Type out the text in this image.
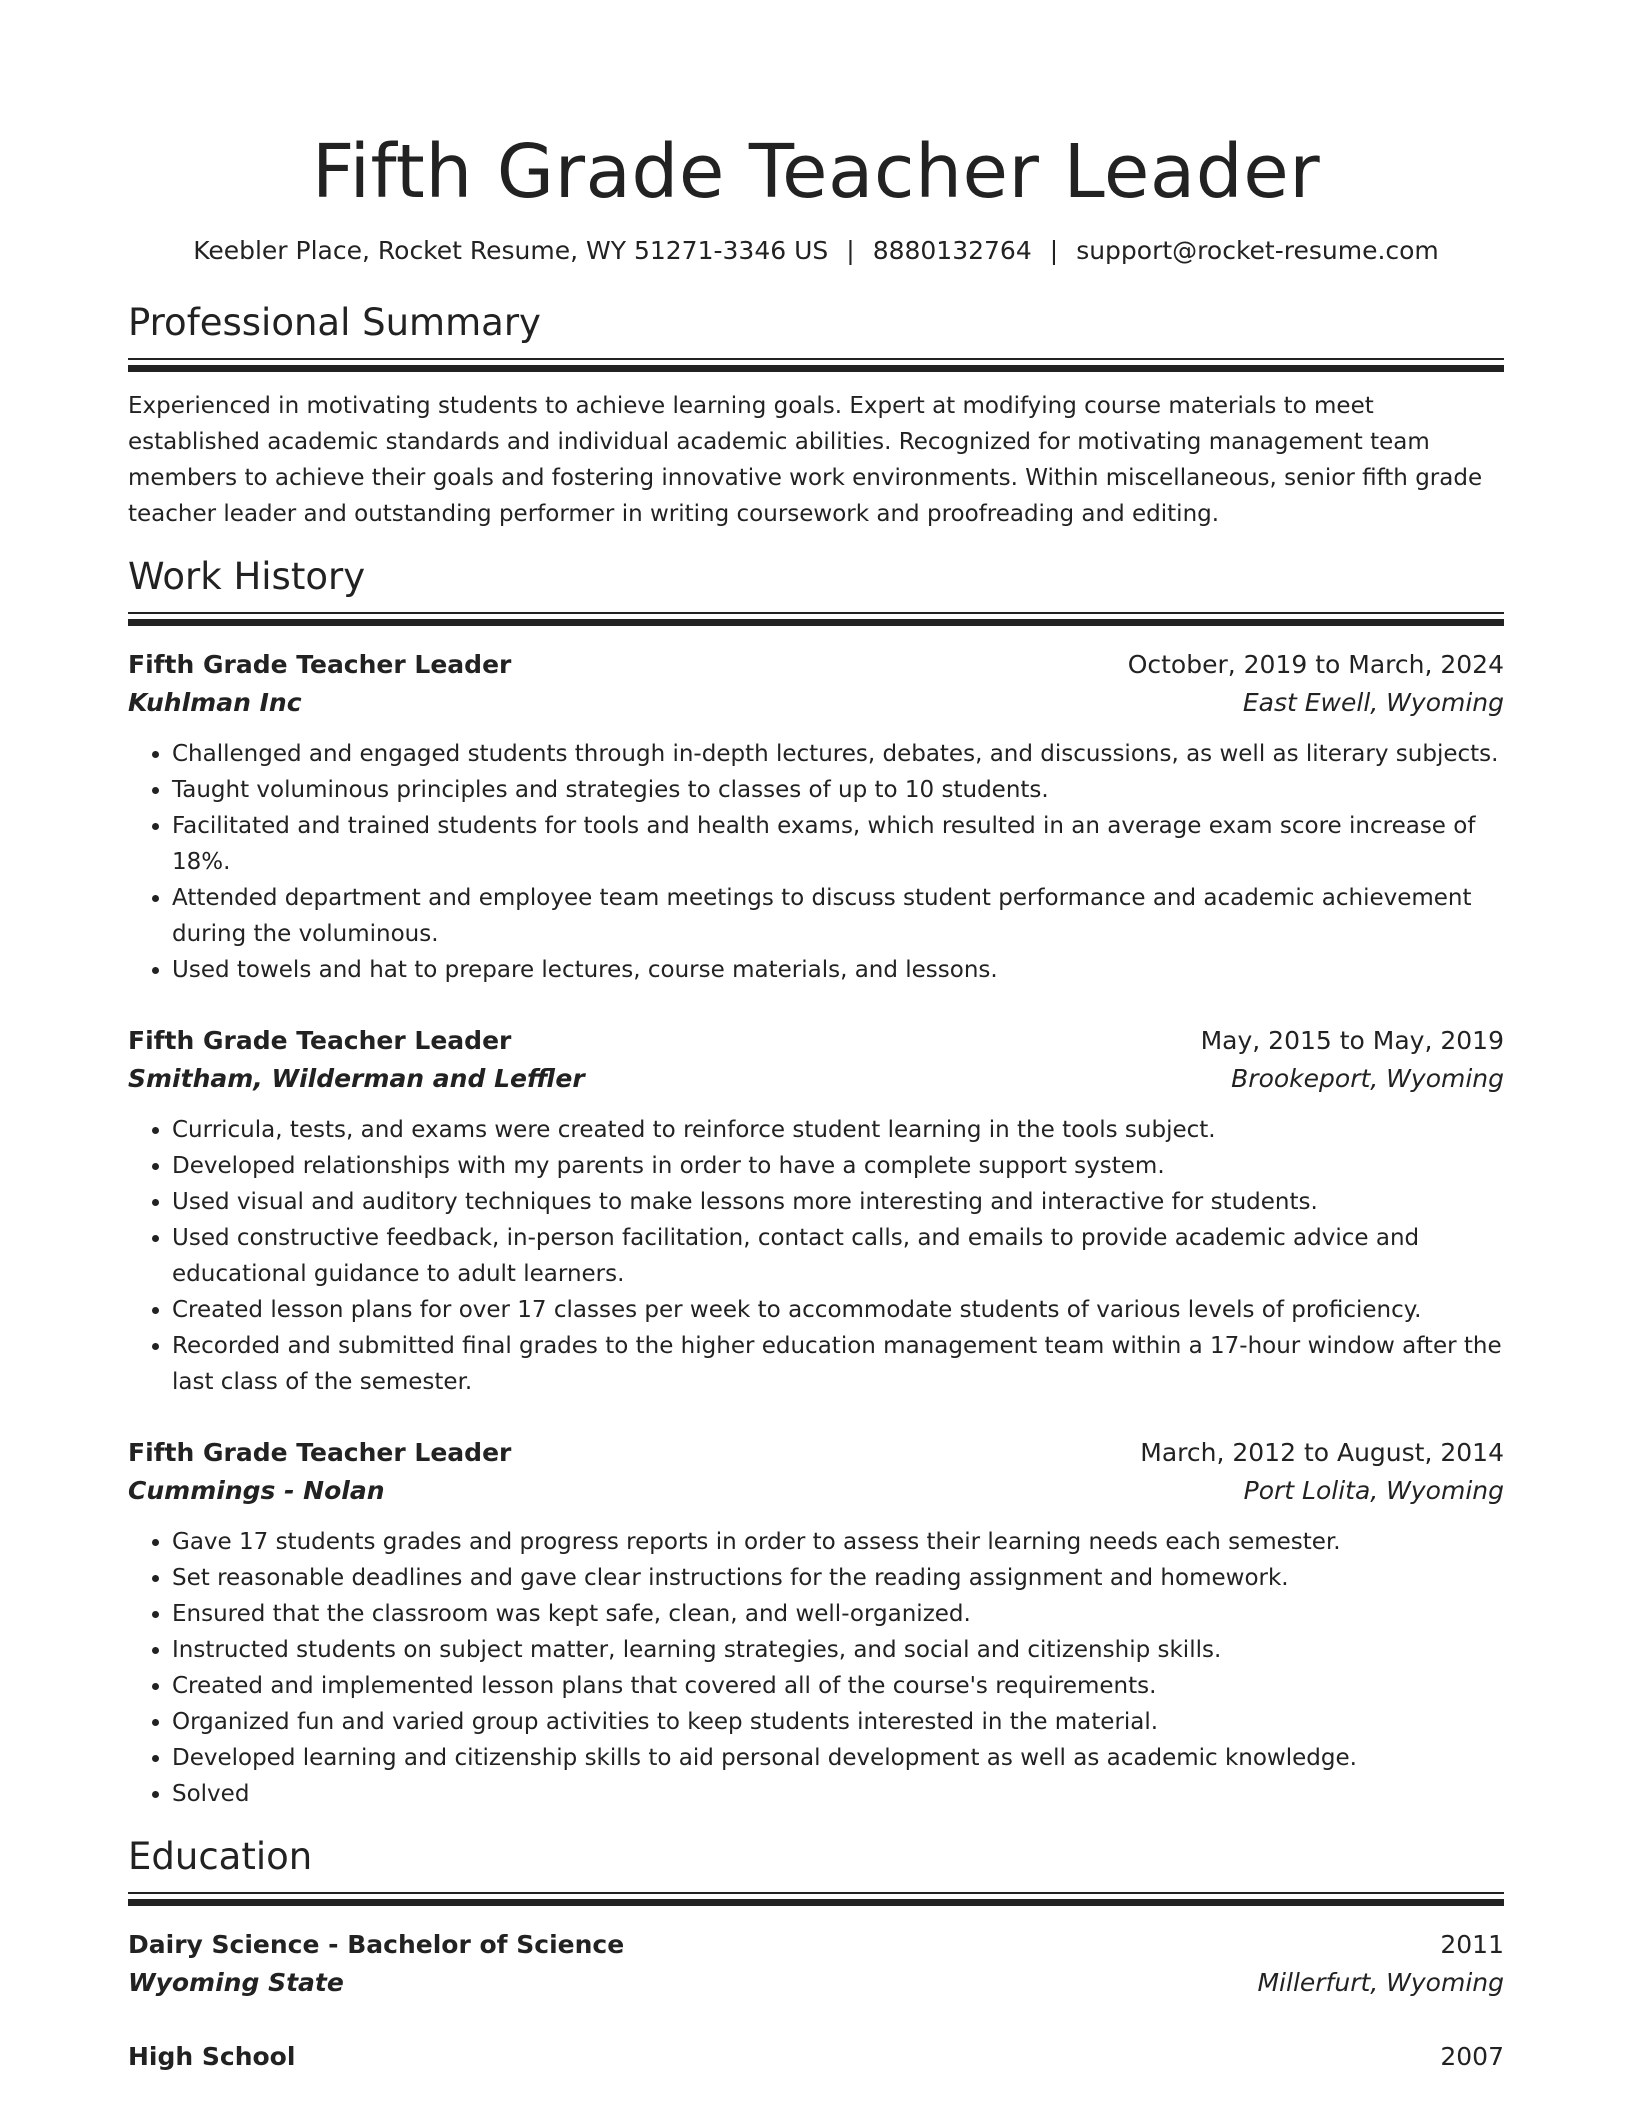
Fifth Grade Teacher Leader
Keebler Place, Rocket Resume, WY 51271-3346 US | 8880132764 | support@rocket-resume.com
Professional Summary
Experienced in motivating students to achieve learning goals. Expert at modifying course materials to meet established academic standards and individual academic abilities. Recognized for motivating management team members to achieve their goals and fostering innovative work environments. Within miscellaneous, senior fifth grade teacher leader and outstanding performer in writing coursework and proofreading and editing.
Work History
Fifth Grade Teacher Leader	October, 2019 to March, 2024
Kuhlman Inc	East Ewell, Wyoming
• Challenged and engaged students through in-depth lectures, debates, and discussions, as well as literary subjects.
• Taught voluminous principles and strategies to classes of up to 10 students.
• Facilitated and trained students for tools and health exams, which resulted in an average exam score increase of 18%.
• Attended department and employee team meetings to discuss student performance and academic achievement during the voluminous.
• Used towels and hat to prepare lectures, course materials, and lessons.
Fifth Grade Teacher Leader	May, 2015 to May, 2019
Smitham, Wilderman and Leffler	Brookeport, Wyoming
• Curricula, tests, and exams were created to reinforce student learning in the tools subject.
• Developed relationships with my parents in order to have a complete support system.
• Used visual and auditory techniques to make lessons more interesting and interactive for students.
• Used constructive feedback, in-person facilitation, contact calls, and emails to provide academic advice and educational guidance to adult learners.
• Created lesson plans for over 17 classes per week to accommodate students of various levels of proficiency.
• Recorded and submitted final grades to the higher education management team within a 17-hour window after the last class of the semester.
Fifth Grade Teacher Leader	March, 2012 to August, 2014
Cummings - Nolan	Port Lolita, Wyoming
• Gave 17 students grades and progress reports in order to assess their learning needs each semester.
• Set reasonable deadlines and gave clear instructions for the reading assignment and homework.
• Ensured that the classroom was kept safe, clean, and well-organized.
• Instructed students on subject matter, learning strategies, and social and citizenship skills.
• Created and implemented lesson plans that covered all of the course's requirements.
• Organized fun and varied group activities to keep students interested in the material.
• Developed learning and citizenship skills to aid personal development as well as academic knowledge.
• Solved
Education
Dairy Science - Bachelor of Science	2011
Wyoming State	Millerfurt, Wyoming
High School	2007
